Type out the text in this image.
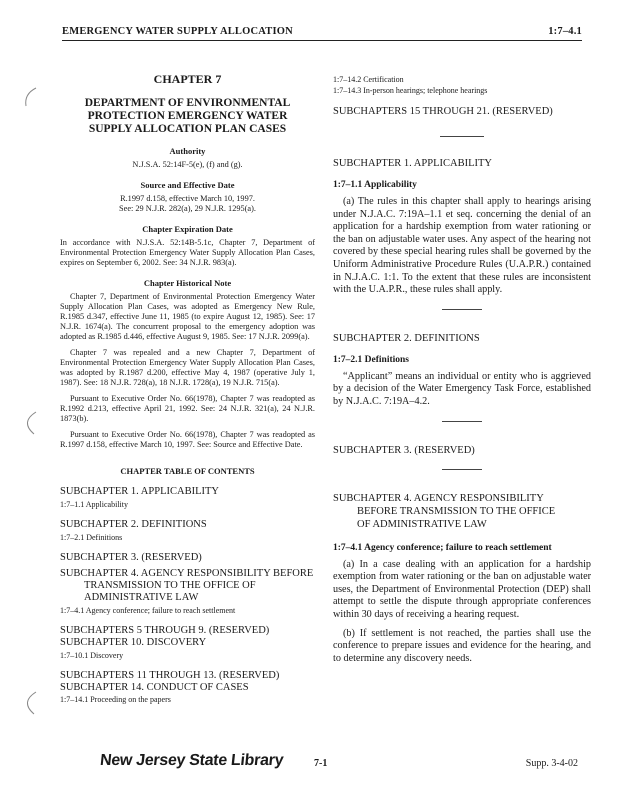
EMERGENCY WATER SUPPLY ALLOCATION	1:7–4.1
CHAPTER 7
DEPARTMENT OF ENVIRONMENTAL
PROTECTION EMERGENCY WATER
SUPPLY ALLOCATION PLAN CASES
Authority
N.J.S.A. 52:14F-5(e), (f) and (g).
Source and Effective Date
R.1997 d.158, effective March 10, 1997.
See: 29 N.J.R. 282(a), 29 N.J.R. 1295(a).
Chapter Expiration Date
In accordance with N.J.S.A. 52:14B-5.1c, Chapter 7, Department of Environmental Protection Emergency Water Supply Allocation Plan Cases, expires on September 6, 2002. See: 34 N.J.R. 983(a).
Chapter Historical Note
Chapter 7, Department of Environmental Protection Emergency Water Supply Allocation Plan Cases, was adopted as Emergency New Rule, R.1985 d.347, effective June 11, 1985 (to expire August 12, 1985). See: 17 N.J.R. 1674(a). The concurrent proposal to the emergency adoption was adopted as R.1985 d.446, effective August 9, 1985. See: 17 N.J.R. 2099(a).
Chapter 7 was repealed and a new Chapter 7, Department of Environmental Protection Emergency Water Supply Allocation Plan Cases, was adopted by R.1987 d.200, effective May 4, 1987 (operative July 1, 1987). See: 18 N.J.R. 728(a), 18 N.J.R. 1728(a), 19 N.J.R. 715(a).
Pursuant to Executive Order No. 66(1978), Chapter 7 was readopted as R.1992 d.213, effective April 21, 1992. See: 24 N.J.R. 321(a), 24 N.J.R. 1873(b).
Pursuant to Executive Order No. 66(1978), Chapter 7 was readopted as R.1997 d.158, effective March 10, 1997. See: Source and Effective Date.
CHAPTER TABLE OF CONTENTS
SUBCHAPTER 1. APPLICABILITY
1:7–1.1 Applicability
SUBCHAPTER 2. DEFINITIONS
1:7–2.1 Definitions
SUBCHAPTER 3. (RESERVED)
SUBCHAPTER 4. AGENCY RESPONSIBILITY BEFORE
TRANSMISSION TO THE OFFICE OF
ADMINISTRATIVE LAW
1:7–4.1 Agency conference; failure to reach settlement
SUBCHAPTERS 5 THROUGH 9. (RESERVED)
SUBCHAPTER 10. DISCOVERY
1:7–10.1 Discovery
SUBCHAPTERS 11 THROUGH 13. (RESERVED)
SUBCHAPTER 14. CONDUCT OF CASES
1:7–14.1 Proceeding on the papers
1:7–14.2 Certification
1:7–14.3 In-person hearings; telephone hearings
SUBCHAPTERS 15 THROUGH 21. (RESERVED)
SUBCHAPTER 1. APPLICABILITY
1:7–1.1 Applicability
(a) The rules in this chapter shall apply to hearings arising under N.J.A.C. 7:19A–1.1 et seq. concerning the denial of an application for a hardship exemption from water rationing or the ban on adjustable water uses. Any aspect of the hearing not covered by these special hearing rules shall be governed by the Uniform Administrative Procedure Rules (U.A.P.R.) contained in N.J.A.C. 1:1. To the extent that these rules are inconsistent with the U.A.P.R., these rules shall apply.
SUBCHAPTER 2. DEFINITIONS
1:7–2.1 Definitions
“Applicant” means an individual or entity who is aggrieved by a decision of the Water Emergency Task Force, established by N.J.A.C. 7:19A–4.2.
SUBCHAPTER 3. (RESERVED)
SUBCHAPTER 4. AGENCY RESPONSIBILITY
BEFORE TRANSMISSION TO THE OFFICE
OF ADMINISTRATIVE LAW
1:7–4.1 Agency conference; failure to reach settlement
(a) In a case dealing with an application for a hardship exemption from water rationing or the ban on adjustable water uses, the Department of Environmental Protection (DEP) shall attempt to settle the dispute through appropriate conferences within 30 days of receiving a hearing request.
(b) If settlement is not reached, the parties shall use the conference to prepare issues and evidence for the hearing, and to determine any discovery needs.
New Jersey State Library	7-1	Supp. 3-4-02
